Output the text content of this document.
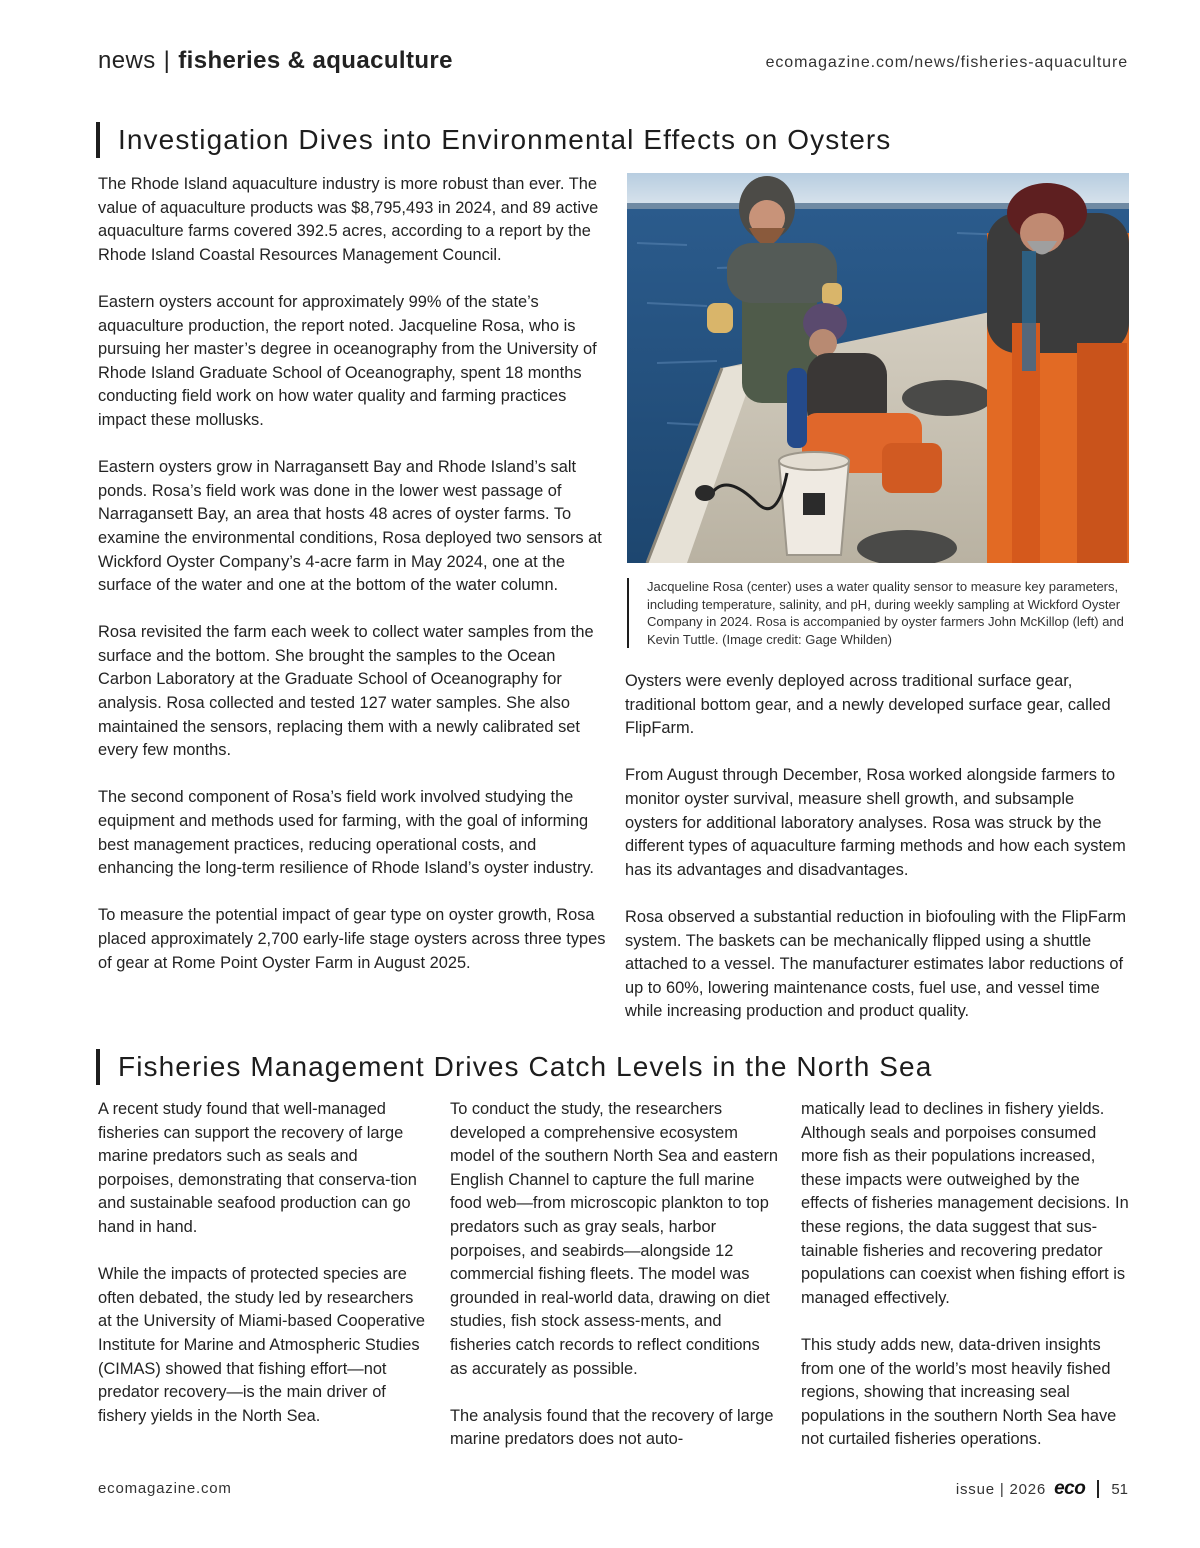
news | fisheries & aquaculture	ecomagazine.com/news/fisheries-aquaculture
Investigation Dives into Environmental Effects on Oysters

The Rhode Island aquaculture industry is more robust than ever. The value of aquaculture products was $8,795,493 in 2024, and 89 active aquaculture farms covered 392.5 acres, according to a report by the Rhode Island Coastal Resources Management Council.

Eastern oysters account for approximately 99% of the state’s aquaculture production, the report noted. Jacqueline Rosa, who is pursuing her master’s degree in oceanography from the University of Rhode Island Graduate School of Oceanography, spent 18 months conducting field work on how water quality and farming practices impact these mollusks.

Eastern oysters grow in Narragansett Bay and Rhode Island’s salt ponds. Rosa’s field work was done in the lower west passage of Narragansett Bay, an area that hosts 48 acres of oyster farms. To examine the environmental conditions, Rosa deployed two sensors at Wickford Oyster Company’s 4-acre farm in May 2024, one at the surface of the water and one at the bottom of the water column.

Rosa revisited the farm each week to collect water samples from the surface and the bottom. She brought the samples to the Ocean Carbon Laboratory at the Graduate School of Oceanography for analysis. Rosa collected and tested 127 water samples. She also maintained the sensors, replacing them with a newly calibrated set every few months.

The second component of Rosa’s field work involved studying the equipment and methods used for farming, with the goal of informing best management practices, reducing operational costs, and enhancing the long-term resilience of Rhode Island’s oyster industry.

To measure the potential impact of gear type on oyster growth, Rosa placed approximately 2,700 early-life stage oysters across three types of gear at Rome Point Oyster Farm in August 2025.

Jacqueline Rosa (center) uses a water quality sensor to measure key parameters, including temperature, salinity, and pH, during weekly sampling at Wickford Oyster Company in 2024. Rosa is accompanied by oyster farmers John McKillop (left) and Kevin Tuttle. (Image credit: Gage Whilden)

Oysters were evenly deployed across traditional surface gear, traditional bottom gear, and a newly developed surface gear, called FlipFarm.

From August through December, Rosa worked alongside farmers to monitor oyster survival, measure shell growth, and subsample oysters for additional laboratory analyses. Rosa was struck by the different types of aquaculture farming methods and how each system has its advantages and disadvantages.

Rosa observed a substantial reduction in biofouling with the FlipFarm system. The baskets can be mechanically flipped using a shuttle attached to a vessel. The manufacturer estimates labor reductions of up to 60%, lowering maintenance costs, fuel use, and vessel time while increasing production and product quality.

Fisheries Management Drives Catch Levels in the North Sea

A recent study found that well-managed fisheries can support the recovery of large marine predators such as seals and porpoises, demonstrating that conserva-tion and sustainable seafood production can go hand in hand.

While the impacts of protected species are often debated, the study led by researchers at the University of Miami-based Cooperative Institute for Marine and Atmospheric Studies (CIMAS) showed that fishing effort—not predator recovery—is the main driver of fishery yields in the North Sea.

To conduct the study, the researchers developed a comprehensive ecosystem model of the southern North Sea and eastern English Channel to capture the full marine food web—from microscopic plankton to top predators such as gray seals, harbor porpoises, and seabirds—alongside 12 commercial fishing fleets. The model was grounded in real-world data, drawing on diet studies, fish stock assess-ments, and fisheries catch records to reflect conditions as accurately as possible.

The analysis found that the recovery of large marine predators does not auto-

matically lead to declines in fishery yields. Although seals and porpoises consumed more fish as their populations increased, these impacts were outweighed by the effects of fisheries management decisions. In these regions, the data suggest that sus-tainable fisheries and recovering predator populations can coexist when fishing effort is managed effectively.

This study adds new, data-driven insights from one of the world’s most heavily fished regions, showing that increasing seal populations in the southern North Sea have not curtailed fisheries operations.

ecomagazine.com	issue | 2026 eco 51
